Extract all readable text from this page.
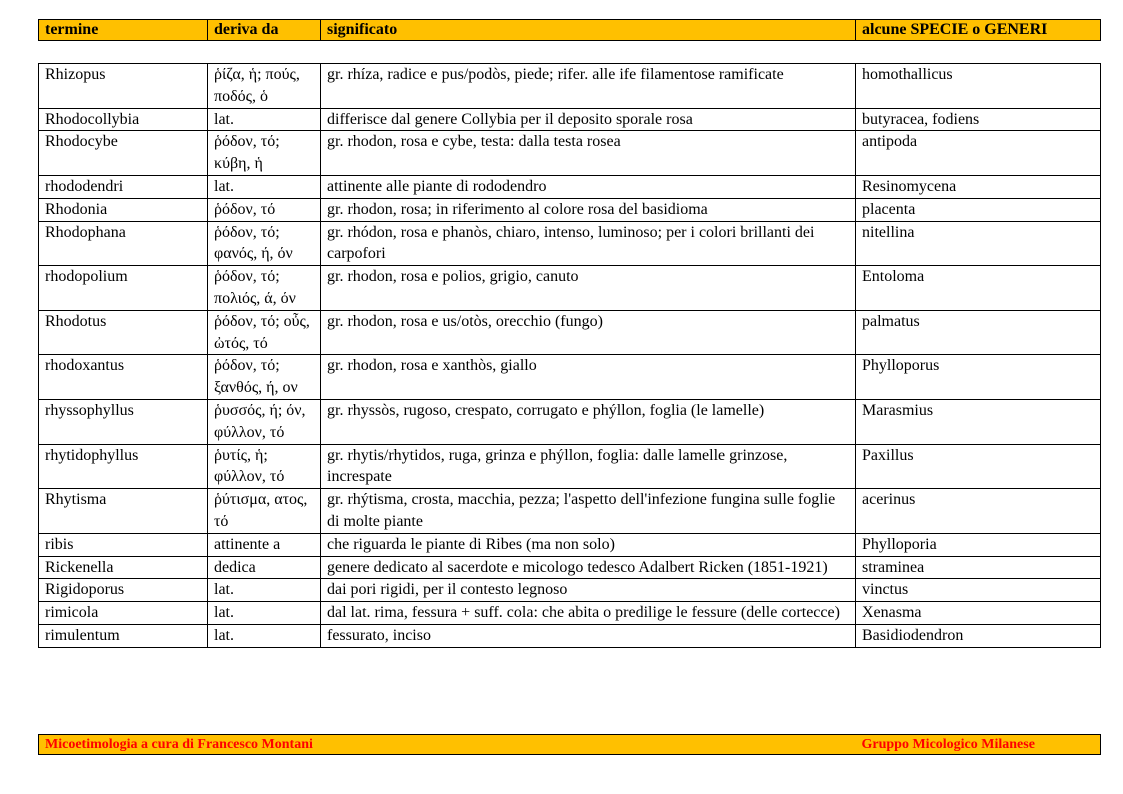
termine	deriva da	significato	alcune SPECIE o GENERI
Rhizopus	ῥίζα, ἡ; πούς, ποδός, ὁ	gr. rhíza, radice e pus/podòs, piede; rifer. alle ife filamentose ramificate	homothallicus
Rhodocollybia	lat.	differisce dal genere Collybia per il deposito sporale rosa	butyracea, fodiens
Rhodocybe	ῥόδον, τό; κύβη, ἡ	gr. rhodon, rosa e cybe, testa: dalla testa rosea	antipoda
rhododendri	lat.	attinente alle piante di rododendro	Resinomycena
Rhodonia	ῥόδον, τό	gr. rhodon, rosa; in riferimento al colore rosa del basidioma	placenta
Rhodophana	ῥόδον, τό; φανός, ή, όν	gr. rhódon, rosa e phanòs, chiaro, intenso, luminoso; per i colori brillanti dei carpofori	nitellina
rhodopolium	ῥόδον, τό; πολιός, ά, όν	gr. rhodon, rosa e polios, grigio, canuto	Entoloma
Rhodotus	ῥόδον, τό; οὖς, ὠτός, τό	gr. rhodon, rosa e us/otòs, orecchio (fungo)	palmatus
rhodoxantus	ῥόδον, τό; ξανθός, ή, ον	gr. rhodon, rosa e xanthòs, giallo	Phylloporus
rhyssophyllus	ῥυσσός, ή; όν, φύλλον, τό	gr. rhyssòs, rugoso, crespato, corrugato e phýllon, foglia (le lamelle)	Marasmius
rhytidophyllus	ῥυτίς, ἡ; φύλλον, τό	gr. rhytis/rhytidos, ruga, grinza e phýllon, foglia: dalle lamelle grinzose, increspate	Paxillus
Rhytisma	ῥύτισμα, ατος, τό	gr. rhýtisma, crosta, macchia, pezza; l'aspetto dell'infezione fungina sulle foglie di molte piante	acerinus
ribis	attinente a	che riguarda le piante di Ribes (ma non solo)	Phylloporia
Rickenella	dedica	genere dedicato al sacerdote e micologo tedesco Adalbert Ricken (1851-1921)	straminea
Rigidoporus	lat.	dai pori rigidi, per il contesto legnoso	vinctus
rimicola	lat.	dal lat. rima, fessura + suff. cola: che abita o predilige le fessure (delle cortecce)	Xenasma
rimulentum	lat.	fessurato, inciso	Basidiodendron
Micoetimologia a cura di Francesco Montani	Gruppo Micologico Milanese
